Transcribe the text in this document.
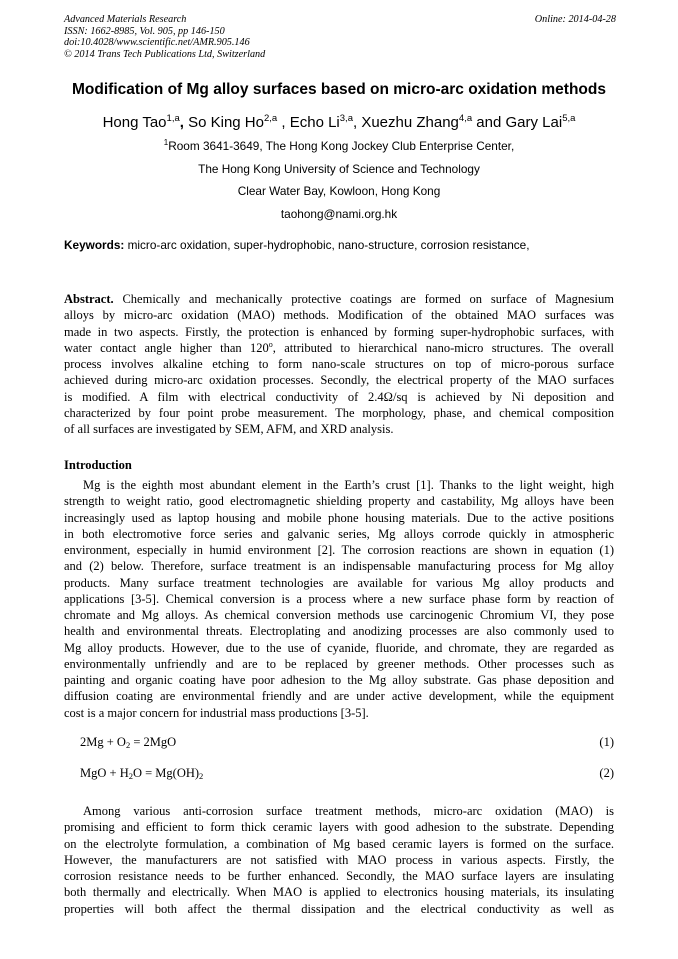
Advanced Materials Research
ISSN: 1662-8985, Vol. 905, pp 146-150
doi:10.4028/www.scientific.net/AMR.905.146
© 2014 Trans Tech Publications Ltd, Switzerland
Online: 2014-04-28
Modification of Mg alloy surfaces based on micro-arc oxidation methods
Hong Tao$^{1,a}$, So King Ho$^{2,a}$ , Echo Li$^{3,a}$, Xuezhu Zhang$^{4,a}$ and Gary Lai$^{5,a}$
$^1$Room 3641-3649, The Hong Kong Jockey Club Enterprise Center,
The Hong Kong University of Science and Technology
Clear Water Bay, Kowloon, Hong Kong
taohong@nami.org.hk
Keywords: micro-arc oxidation, super-hydrophobic, nano-structure, corrosion resistance,
Abstract. Chemically and mechanically protective coatings are formed on surface of Magnesium
alloys by micro-arc oxidation (MAO) methods. Modification of the obtained MAO surfaces was
made in two aspects. Firstly, the protection is enhanced by forming super-hydrophobic surfaces, with
water contact angle higher than 120$^o$, attributed to hierarchical nano-micro structures. The overall
process involves alkaline etching to form nano-scale structures on top of micro-porous surface
achieved during micro-arc oxidation processes. Secondly, the electrical property of the MAO surfaces
is modified. A film with electrical conductivity of 2.4Ω/sq is achieved by Ni deposition and
characterized by four point probe measurement. The morphology, phase, and chemical composition
of all surfaces are investigated by SEM, AFM, and XRD analysis.
Introduction
Mg is the eighth most abundant element in the Earth’s crust [1]. Thanks to the light weight, high
strength to weight ratio, good electromagnetic shielding property and castability, Mg alloys have been
increasingly used as laptop housing and mobile phone housing materials. Due to the active positions
in both electromotive force series and galvanic series, Mg alloys corrode quickly in atmospheric
environment, especially in humid environment [2]. The corrosion reactions are shown in equation (1)
and (2) below. Therefore, surface treatment is an indispensable manufacturing process for Mg alloy
products. Many surface treatment technologies are available for various Mg alloy products and
applications [3-5]. Chemical conversion is a process where a new surface phase form by reaction of
chromate and Mg alloys. As chemical conversion methods use carcinogenic Chromium VI, they pose
health and environmental threats. Electroplating and anodizing processes are also commonly used to
Mg alloy products. However, due to the use of cyanide, fluoride, and chromate, they are regarded as
environmentally unfriendly and are to be replaced by greener methods. Other processes such as
painting and organic coating have poor adhesion to the Mg alloy substrate. Gas phase deposition and
diffusion coating are environmental friendly and are under active development, while the equipment
cost is a major concern for industrial mass productions [3-5].
$2Mg + O_2 = 2MgO$	(1)
MgO + $H_2O = Mg(OH)_2$	(2)
Among various anti-corrosion surface treatment methods, micro-arc oxidation (MAO) is
promising and efficient to form thick ceramic layers with good adhesion to the substrate. Depending
on the electrolyte formulation, a combination of Mg based ceramic layers is formed on the surface.
However, the manufacturers are not satisfied with MAO process in various aspects. Firstly, the
corrosion resistance needs to be further enhanced. Secondly, the MAO surface layers are insulating
both thermally and electrically. When MAO is applied to electronics housing materials, its insulating
properties will both affect the thermal dissipation and the electrical conductivity as well as
